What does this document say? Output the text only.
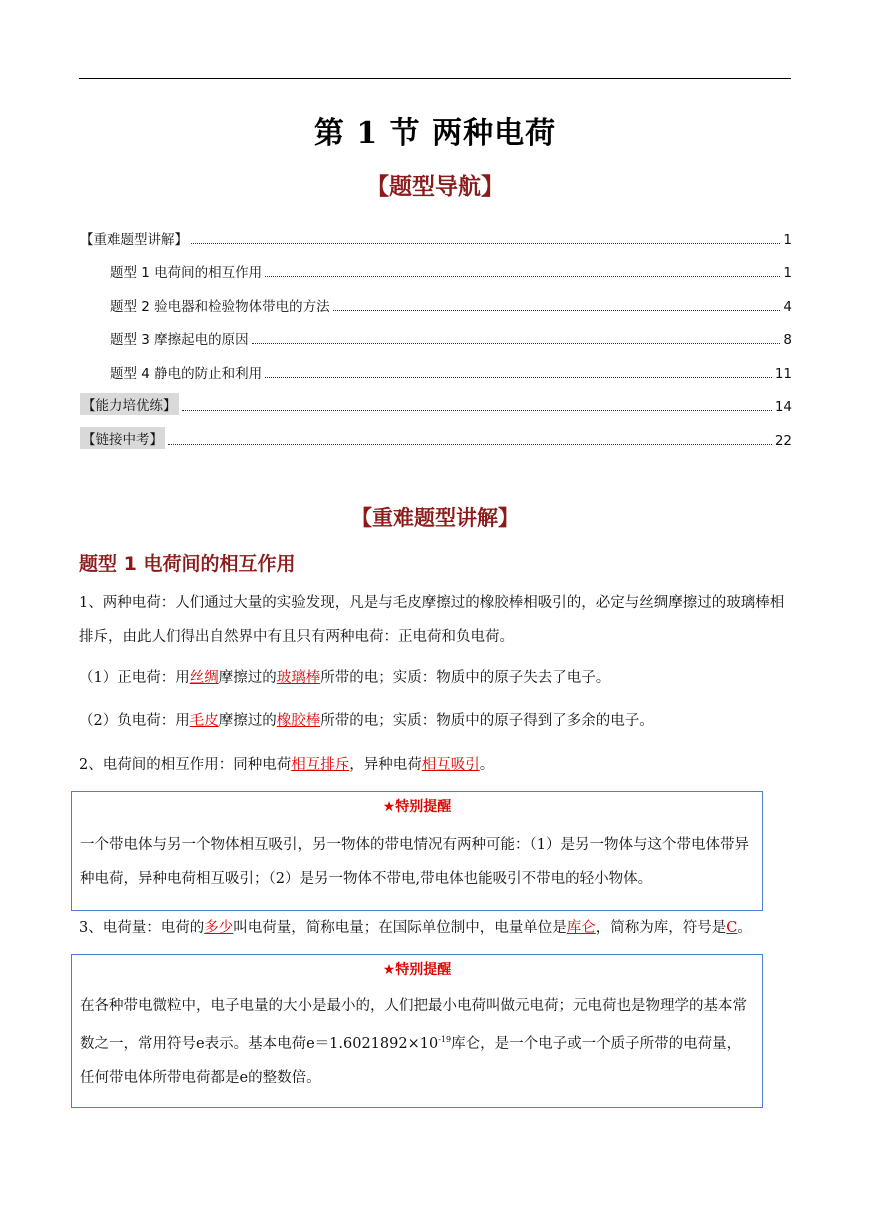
第 1 节 两种电荷
【题型导航】
【重难题型讲解】	1
题型 1 电荷间的相互作用	1
题型 2 验电器和检验物体带电的方法	4
题型 3 摩擦起电的原因	8
题型 4 静电的防止和利用	11
【能力培优练】	14
【链接中考】	22
【重难题型讲解】
题型 1 电荷间的相互作用
1、两种电荷：人们通过大量的实验发现，凡是与毛皮摩擦过的橡胶棒相吸引的，必定与丝绸摩擦过的玻璃棒相排斥，由此人们得出自然界中有且只有两种电荷：正电荷和负电荷。
（1）正电荷：用丝绸摩擦过的玻璃棒所带的电；实质：物质中的原子失去了电子。
（2）负电荷：用毛皮摩擦过的橡胶棒所带的电；实质：物质中的原子得到了多余的电子。
2、电荷间的相互作用：同种电荷相互排斥，异种电荷相互吸引。
★特别提醒
一个带电体与另一个物体相互吸引，另一物体的带电情况有两种可能：（1）是另一物体与这个带电体带异种电荷，异种电荷相互吸引；（2）是另一物体不带电,带电体也能吸引不带电的轻小物体。
3、电荷量：电荷的多少叫电荷量，简称电量；在国际单位制中，电量单位是库仑，简称为库，符号是C。
★特别提醒
在各种带电微粒中，电子电量的大小是最小的，人们把最小电荷叫做元电荷；元电荷也是物理学的基本常数之一，常用符号e表示。基本电荷$e=1.6021892\times 10^{-19}$库仑，是一个电子或一个质子所带的电荷量，任何带电体所带电荷都是e的整数倍。
